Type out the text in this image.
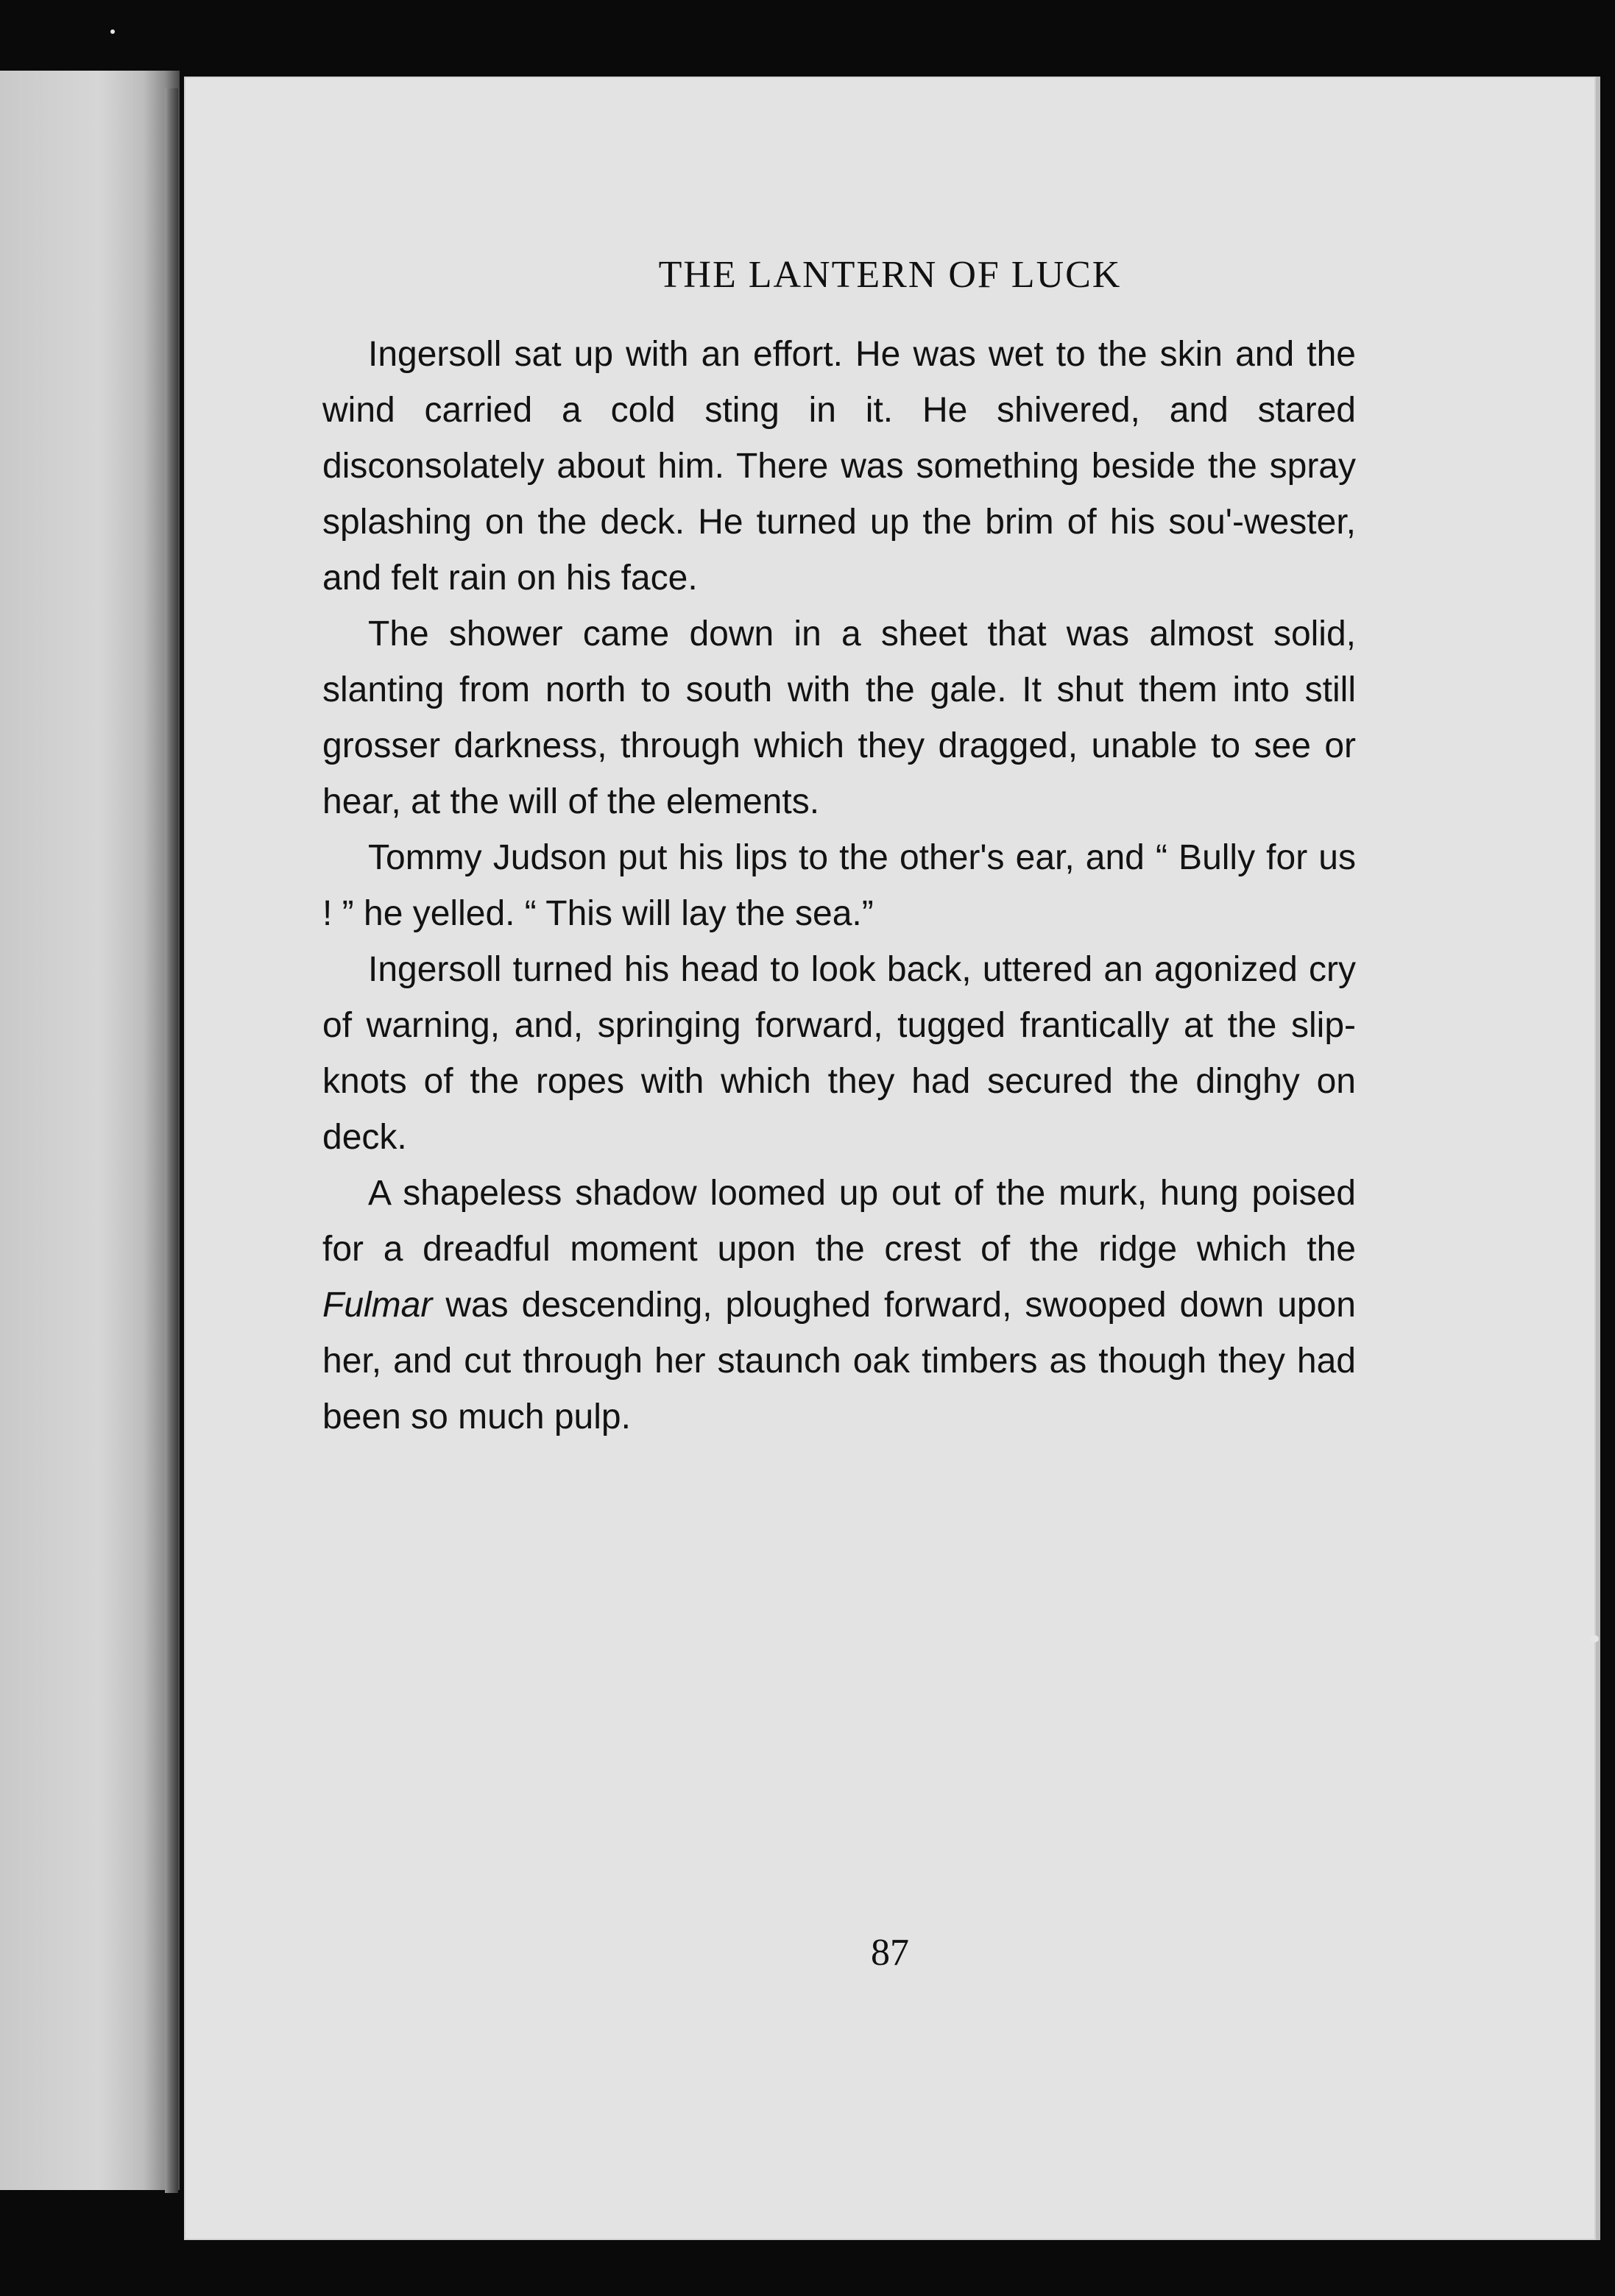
THE LANTERN OF LUCK

Ingersoll sat up with an effort. He was wet to the skin and the wind carried a cold sting in it. He shivered, and stared disconsolately about him. There was something beside the spray splashing on the deck. He turned up the brim of his sou'-wester, and felt rain on his face.

The shower came down in a sheet that was almost solid, slanting from north to south with the gale. It shut them into still grosser darkness, through which they dragged, unable to see or hear, at the will of the elements.

Tommy Judson put his lips to the other's ear, and “ Bully for us ! ” he yelled. “ This will lay the sea.”

Ingersoll turned his head to look back, uttered an agonized cry of warning, and, springing forward, tugged frantically at the slip-knots of the ropes with which they had secured the dinghy on deck.

A shapeless shadow loomed up out of the murk, hung poised for a dreadful moment upon the crest of the ridge which the Fulmar was descending, ploughed forward, swooped down upon her, and cut through her staunch oak timbers as though they had been so much pulp.

87
